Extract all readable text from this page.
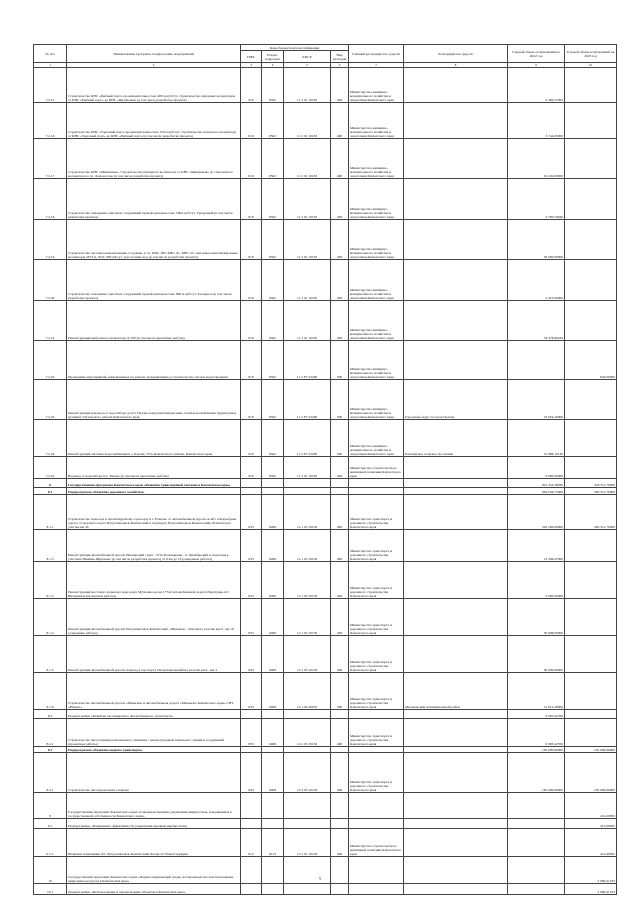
№ п/п	Наименование программ, подпрограмм, мероприятий	Коды бюджетной классификации				Главный распорядитель средств	Распорядитель средств	Годовой объем ассигнований на 2022 год	Годовой объем ассигнований на 2023 год
		ГРБС	Раздел, подраздел	КЦСР	Вид расходов				
1	2	3	4	5	6	7	8	9	10
7.2.15	Строительство КНС «Рыбный порт» производительностью 400 м куб/сут, строительство напорных коллекторов от КНС «Рыбный порт» до КНС «Циолковая» (в том числе разработка проекта)	810	0502	11 2 01 10130	400	Министерство жилищно-коммунального хозяйства и энергетики Камчатского края		6 400,51993	
7.2.16	Строительство КНС «Торговый порт» производительностью 150 м куб/сут, строительство напорного коллектора от КНС «Торговый порт» до КНС «Рыбный порт» (в том числе разработка проекта)	810	0502	11 2 01 10130	400	Министерство жилищно-коммунального хозяйства и энергетики Камчатского края		3 744,00000	
7.2.17	Строительство КНС «Мишенная». Строительство напорного коллектора от КНС «Мишенная» до самотечного коллектора по ул. Ломоносова (в том числе разработка проекта)	810	0502	11 2 01 10130	400	Министерство жилищно-коммунального хозяйства и энергетики Камчатского края		10 220,00000	
7.2.18	Строительство локальных очистных сооружений производительностью 180м куб/сут. Тундровый (в том числе разработка проекта)	810	0502	11 2 01 10130	400	Министерство жилищно-коммунального хозяйства и энергетики Камчатского края		3 780,70640	
7.2.19	Строительство системы канализования «Садовая» в т.ч. КНС-1Ю, КНС-2С, КНС-3С, напорные канализационные коллекторы 2673 м, ЛОС 900 м3/сут. для сточных вод (в том числе разработка проекта)	810	0502	11 2 01 10130	400	Министерство жилищно-коммунального хозяйства и энергетики Камчатского края		56 000,00000	
7.2.20	Строительство локальных очистных сооружений производительностью 800 м куб/сут. Заозерное (в том числе разработка проекта)	810	0502	11 2 01 10130	400	Министерство жилищно-коммунального хозяйства и энергетики Камчатского края		4 410,00000	
7.2.21	Реконструкция выпускного коллектора Д-700 (в том числе проектные работы)	810	0502	11 2 01 10130	400	Министерство жилищно-коммунального хозяйства и энергетики Камчатского края		34 378,89443	
7.2.22	Проведение мероприятий, направленных на ремонт, модернизацию и строительство систем водоотведения	810	0502	11 2 F5 52430	500	Министерство жилищно-коммунального хозяйства и энергетики Камчатского края			842,00000
7.2.23	Реконструкция водовода от водозабора до пгт Палана и внутриплощадочных сетей водоснабжения территории в границах Тигильского района Камчатского края	810	0502	11 2 F5 52430	500	Министерство жилищно-коммунального хозяйства и энергетики Камчатского края	Городской округ поселок Палана	33 954,20000	
7.2.24	Реконструкция системы водоснабжения в с. Ключи, Усть-Камчатского района, Камчатского края	810	0502	11 2 F5 52430	500	Министерство жилищно-коммунального хозяйства и энергетики Камчатского края	Ключевское сельское поселение	31 886,10130	
7.2.25	Водовод от водозабора в п. Тигиль (в том числе проектные работы)	810	0502	11 2 01 10130	400	Министерство строительства и жилищной политики Камчатского края		9 000,00000	
8	Государственная программа Камчатского края «Развитие транспортной системы в Камчатском крае»							841 452,39020	428 311,70000
8.1	Подпрограмма «Развитие дорожного хозяйства»							664 056,75000	463 311,70000
8.1.1	Строительство подъезда к проектируемому аэропорту в г. Елизово от автомобильной дороги А-401 «Подъездная дорога от морского порта Петропавловск-Камчатский к аэропорту Петропавловск-Камчатский» (Елизово) на участке км 34	833	0409	12 1 03 10130	400	Министерство транспорта и дорожного строительства Камчатского края		592 200,00000	463 311,70000
8.1.3	Реконструкция автомобильной дороги Пионерский тракт - Усть-Большерецк - п. Октябрьский и подъезды к участкам Нижние-Жупаново (в том числе разработка проекта) от 9 км до 10 (очередные работы)	833	0409	12 1 03 10130	400	Министерство транспорта и дорожного строительства Камчатского края		12 306,47000	
8.1.5	Реконструкция мостового перехода через реку Мутновка на км 1+742 автомобильной дороги Паратунка-пгт Вилючинск (проектные работы)	833	0409	12 1 03 10130	400	Министерство транспорта и дорожного строительства Камчатского края		5 000,00000	
8.1.4	Реконструкция автомобильной дороги Петропавловск-Камчатский - Мильково - Ключи на участке км 0 - км 16 (очередные работы)	833	0409	12 1 03 10130	400	Министерство транспорта и дорожного строительства Камчатского края		30 988,00000	
8.1.5	Реконструкция автомобильной дороги подъезд к аэропорту Петропавловский на участке км 0 - км 4	833	0409	12 1 03 10130	400	Министерство транспорта и дорожного строительства Камчатского края		30 000,00000	
8.1.6	Строительство автомобильной дороги «Пиньгин» и автомобильная дорога «Мильково Камчатского края» СНТ «Ремонт»	833	0409	12 1 04 40070	500	Министерство транспорта и дорожного строительства Камчатского края	Мильковский муниципальный район	14 912,28000	
8.2	Подпрограмма «Развитие пассажирского автомобильного транспорта»							6 993,42350	
8.2.1	Строительство автостанции регионального значения с реконструкцией земельного здания и сооружений (проектные работы)	833	0408	12 2 03 10130	400	Министерство транспорта и дорожного строительства Камчатского края		6 993,42350	
8.3	Подпрограмма «Развитие водного транспорта»							165 000,00000	165 000,00000
8.3.1	Строительство автоледокольного парома	833	0408	12 3 03 10130	400	Министерство транспорта и дорожного строительства Камчатского края		165 000,00000	165 000,00000
9	Государственная программа Камчатского края «Совершенствование управления имуществом, находящимся в государственной собственности Камчатского края»								412,69565
9.1	Подпрограмма «Повышение эффективности управления краевым имуществом»								412,69565
9.1.1	Нежилые помещения пгт. Петропавловск-Камчатский. Блоки А7 Реконструкция	812	0113	13 1 01 10130	400	Министерство строительства и жилищной политики Камчатского края			412,69565
10	Государственная программа Камчатского края «Охрана окружающей среды, воспроизводство и использование природных ресурсов в Камчатском крае»								2 980,41233
10.1	Подпрограмма «Использование и охрана водных объектов в Камчатском крае»								2 980,41233
5
